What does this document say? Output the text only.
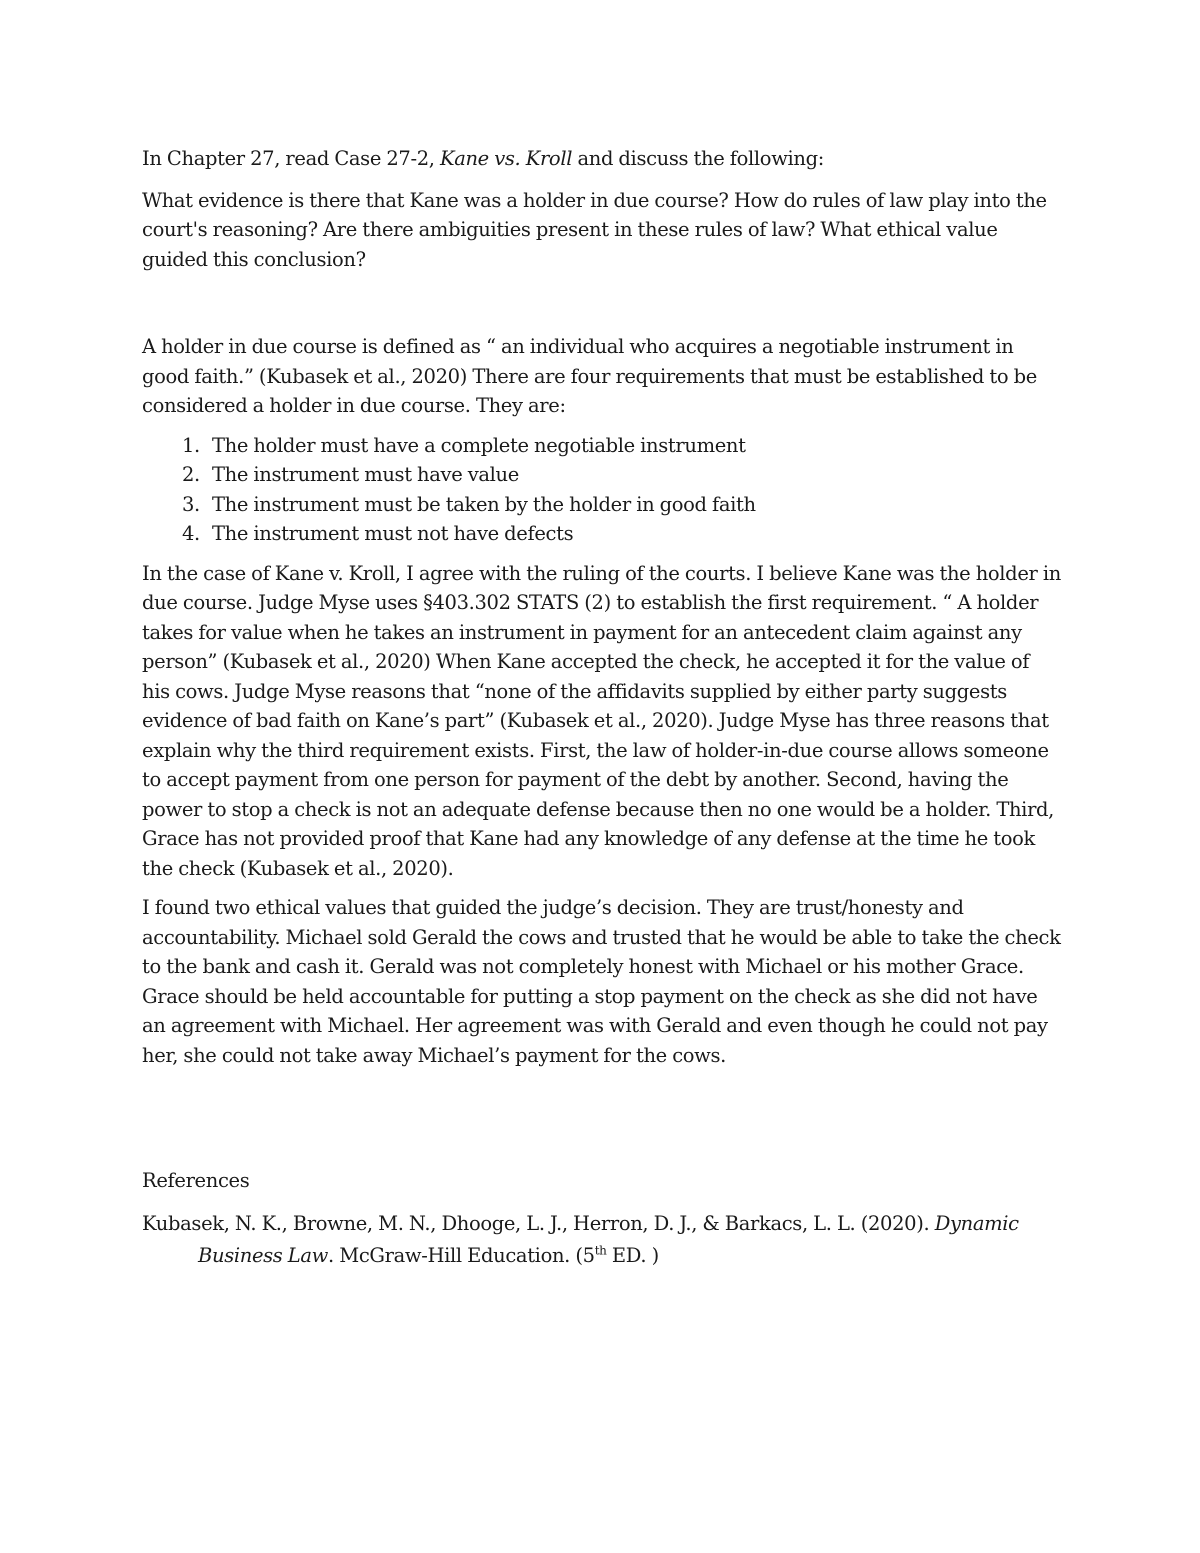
In Chapter 27, read Case 27-2, Kane vs. Kroll and discuss the following:

What evidence is there that Kane was a holder in due course? How do rules of law play into the court's reasoning? Are there ambiguities present in these rules of law? What ethical value guided this conclusion?

A holder in due course is defined as “ an individual who acquires a negotiable instrument in good faith.” (Kubasek et al., 2020) There are four requirements that must be established to be considered a holder in due course. They are:

1. The holder must have a complete negotiable instrument
2. The instrument must have value
3. The instrument must be taken by the holder in good faith
4. The instrument must not have defects

In the case of Kane v. Kroll, I agree with the ruling of the courts. I believe Kane was the holder in due course. Judge Myse uses §403.302 STATS (2) to establish the first requirement. “ A holder takes for value when he takes an instrument in payment for an antecedent claim against any person” (Kubasek et al., 2020) When Kane accepted the check, he accepted it for the value of his cows. Judge Myse reasons that “none of the affidavits supplied by either party suggests evidence of bad faith on Kane’s part” (Kubasek et al., 2020). Judge Myse has three reasons that explain why the third requirement exists. First, the law of holder-in-due course allows someone to accept payment from one person for payment of the debt by another. Second, having the power to stop a check is not an adequate defense because then no one would be a holder. Third, Grace has not provided proof that Kane had any knowledge of any defense at the time he took the check (Kubasek et al., 2020).

I found two ethical values that guided the judge’s decision. They are trust/honesty and accountability. Michael sold Gerald the cows and trusted that he would be able to take the check to the bank and cash it. Gerald was not completely honest with Michael or his mother Grace. Grace should be held accountable for putting a stop payment on the check as she did not have an agreement with Michael. Her agreement was with Gerald and even though he could not pay her, she could not take away Michael’s payment for the cows.

References

Kubasek, N. K., Browne, M. N., Dhooge, L. J., Herron, D. J., & Barkacs, L. L. (2020). Dynamic Business Law. McGraw-Hill Education. (5th ED. )
